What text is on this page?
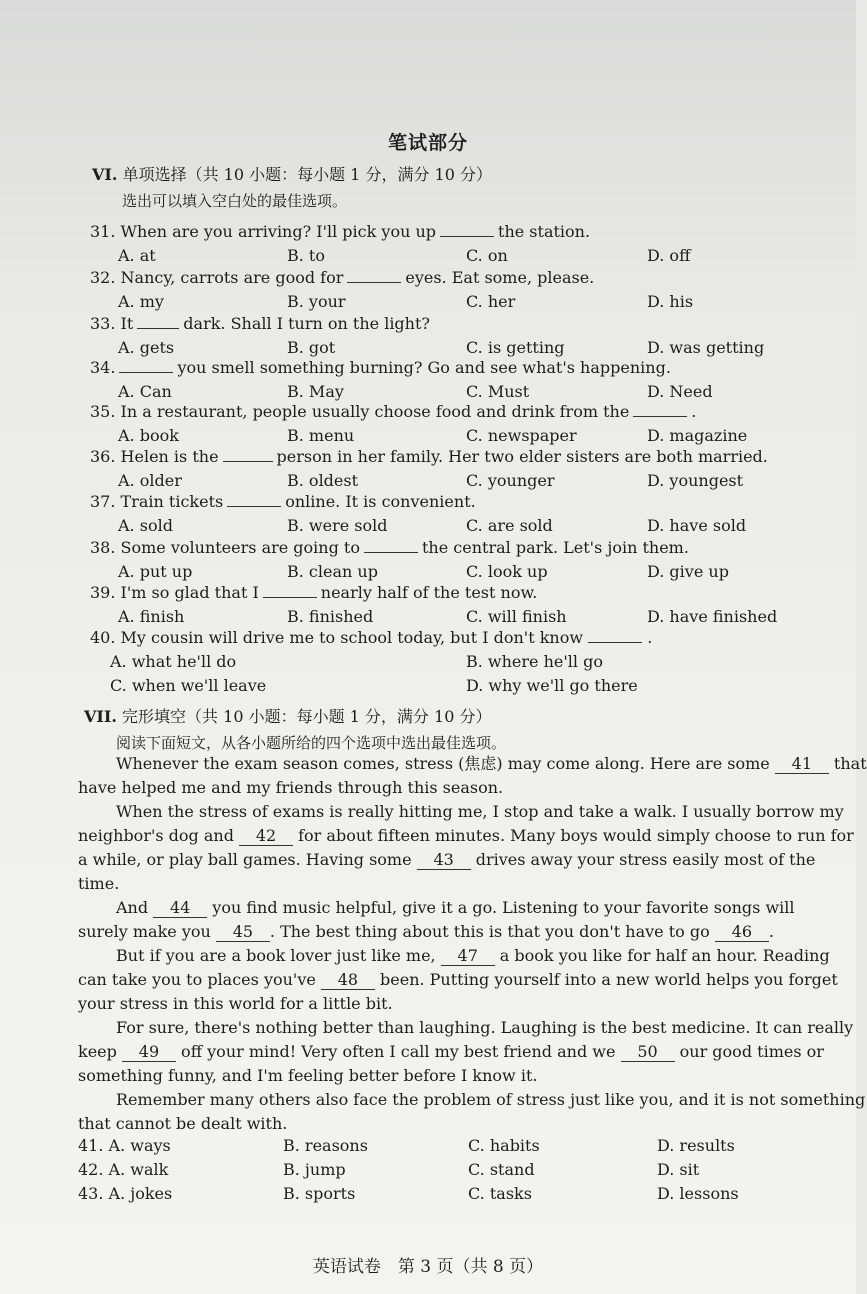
笔试部分
VI. 单项选择（共 10 小题：每小题 1 分，满分 10 分）
选出可以填入空白处的最佳选项。
31. When are you arriving? I'll pick you up	the station.
A. at	B. to	C. on	D. off
32. Nancy, carrots are good for	eyes. Eat some, please.
A. my	B. your	C. her	D. his
33. It	dark. Shall I turn on the light?
A. gets	B. got	C. is getting	D. was getting
34.	you smell something burning? Go and see what's happening.
A. Can	B. May	C. Must	D. Need
35. In a restaurant, people usually choose food and drink from the	.
A. book	B. menu	C. newspaper	D. magazine
36. Helen is the	person in her family. Her two elder sisters are both married.
A. older	B. oldest	C. younger	D. youngest
37. Train tickets	online. It is convenient.
A. sold	B. were sold	C. are sold	D. have sold
38. Some volunteers are going to	the central park. Let's join them.
A. put up	B. clean up	C. look up	D. give up
39. I'm so glad that I	nearly half of the test now.
A. finish	B. finished	C. will finish	D. have finished
40. My cousin will drive me to school today, but I don't know	.
A. what he'll do	B. where he'll go
C. when we'll leave	D. why we'll go there
VII. 完形填空（共 10 小题：每小题 1 分，满分 10 分）
阅读下面短文，从各小题所给的四个选项中选出最佳选项。
Whenever the exam season comes, stress (焦虑) may come along. Here are some 41 that
have helped me and my friends through this season.
When the stress of exams is really hitting me, I stop and take a walk. I usually borrow my
neighbor's dog and 42 for about fifteen minutes. Many boys would simply choose to run for
a while, or play ball games. Having some 43 drives away your stress easily most of the
time.
And 44 you find music helpful, give it a go. Listening to your favorite songs will
surely make you 45 . The best thing about this is that you don't have to go 46 .
But if you are a book lover just like me, 47 a book you like for half an hour. Reading
can take you to places you've 48 been. Putting yourself into a new world helps you forget
your stress in this world for a little bit.
For sure, there's nothing better than laughing. Laughing is the best medicine. It can really
keep 49 off your mind! Very often I call my best friend and we 50 our good times or
something funny, and I'm feeling better before I know it.
Remember many others also face the problem of stress just like you, and it is not something
that cannot be dealt with.
41. A. ways	B. reasons	C. habits	D. results
42. A. walk	B. jump	C. stand	D. sit
43. A. jokes	B. sports	C. tasks	D. lessons
英语试卷　第 3 页（共 8 页）
